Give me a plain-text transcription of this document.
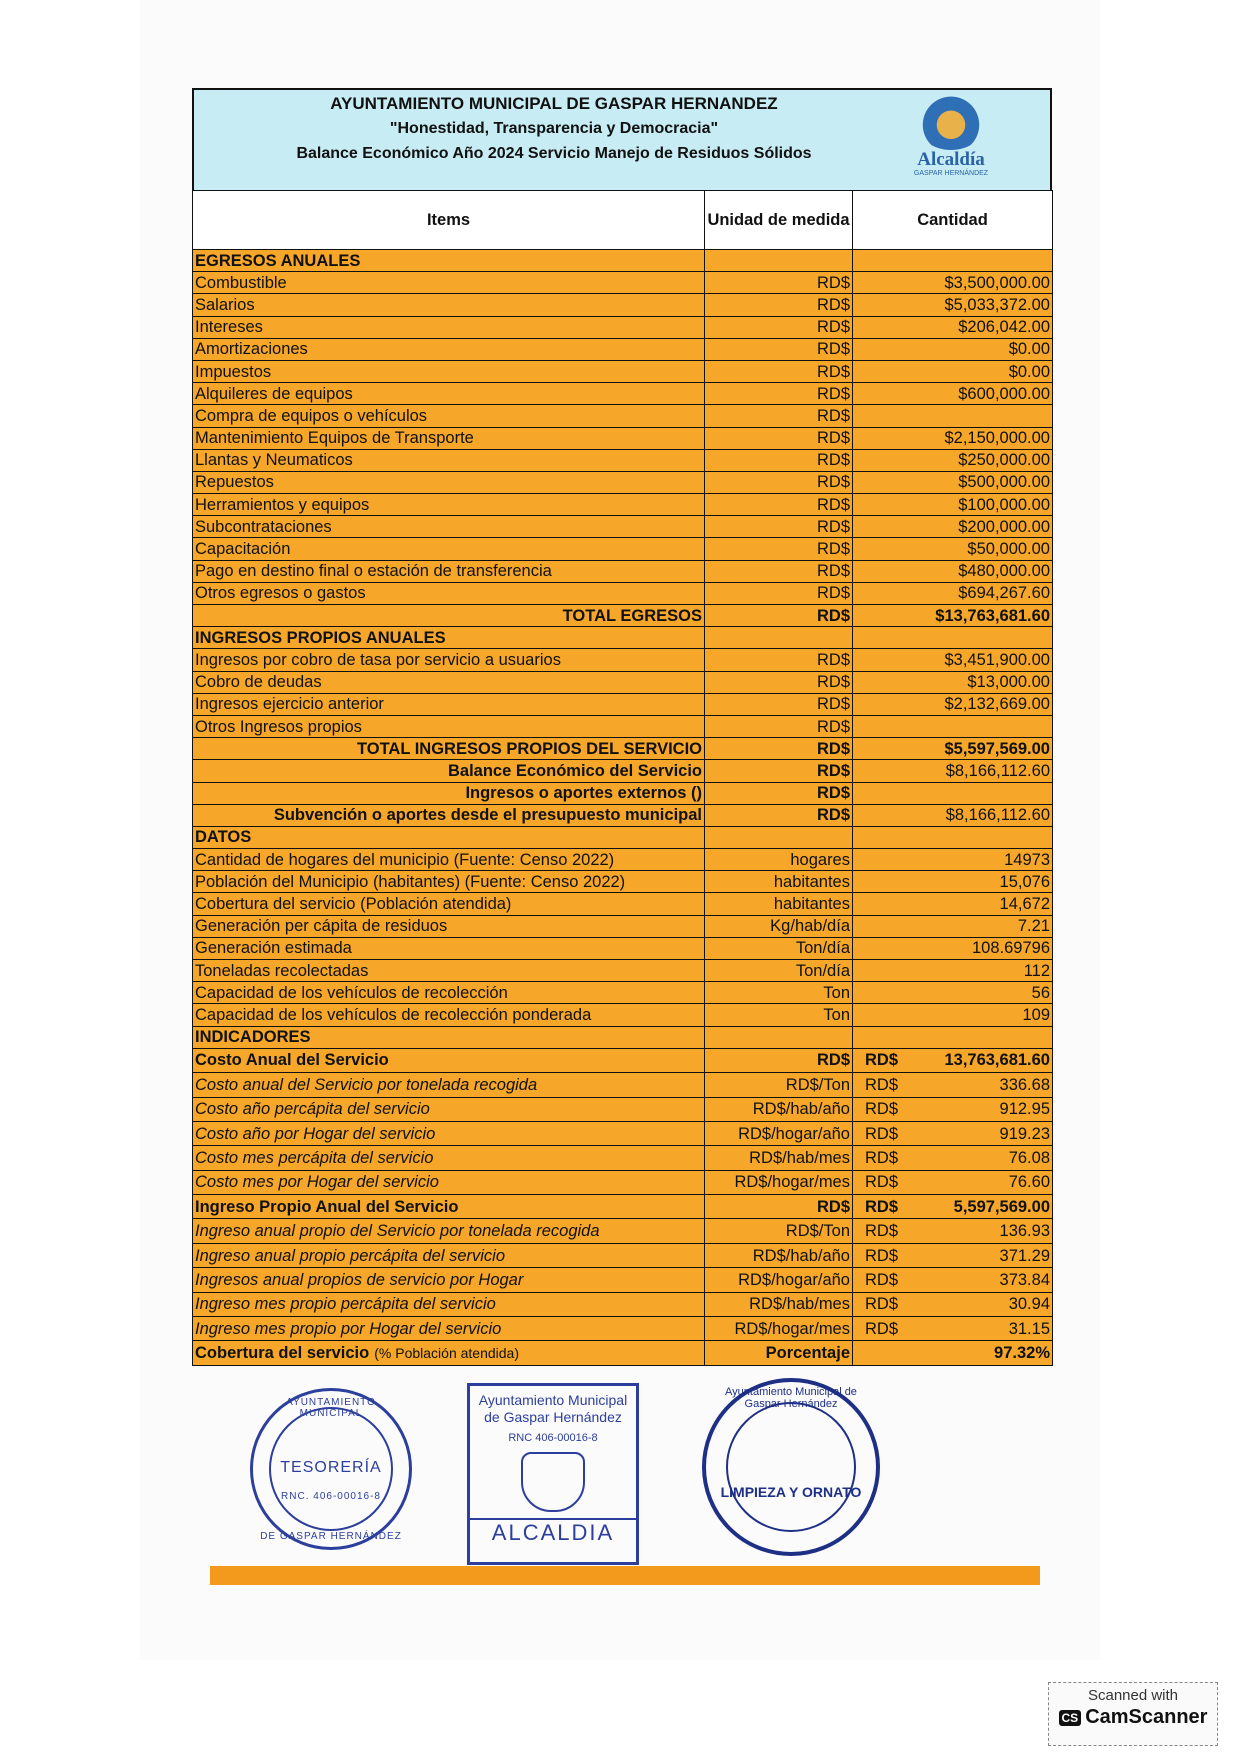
AYUNTAMIENTO MUNICIPAL DE GASPAR HERNANDEZ
"Honestidad, Transparencia y Democracia"
Balance Económico Año 2024 Servicio Manejo de Residuos Sólidos	Alcaldía
GASPAR HERNÁNDEZ
Items	Unidad de medida	Cantidad
EGRESOS ANUALES		
Combustible	RD$	$3,500,000.00
Salarios	RD$	$5,033,372.00
Intereses	RD$	$206,042.00
Amortizaciones	RD$	$0.00
Impuestos	RD$	$0.00
Alquileres de equipos	RD$	$600,000.00
Compra de equipos o vehículos	RD$	
Mantenimiento Equipos de Transporte	RD$	$2,150,000.00
Llantas y Neumaticos	RD$	$250,000.00
Repuestos	RD$	$500,000.00
Herramientos y equipos	RD$	$100,000.00
Subcontrataciones	RD$	$200,000.00
Capacitación	RD$	$50,000.00
Pago en destino final o estación de transferencia	RD$	$480,000.00
Otros egresos o gastos	RD$	$694,267.60
TOTAL EGRESOS	RD$	$13,763,681.60
INGRESOS PROPIOS ANUALES		
Ingresos por cobro de tasa por servicio a usuarios	RD$	$3,451,900.00
Cobro de deudas	RD$	$13,000.00
Ingresos ejercicio anterior	RD$	$2,132,669.00
Otros Ingresos propios	RD$	
TOTAL INGRESOS PROPIOS DEL SERVICIO	RD$	$5,597,569.00
Balance Económico del Servicio	RD$	$8,166,112.60
Ingresos o aportes externos ()	RD$	
Subvención o aportes desde el presupuesto municipal	RD$	$8,166,112.60
DATOS		
Cantidad de hogares del municipio (Fuente: Censo 2022)	hogares	14973
Población del Municipio (habitantes) (Fuente: Censo 2022)	habitantes	15,076
Cobertura del servicio (Población atendida)	habitantes	14,672
Generación per cápita de residuos	Kg/hab/día	7.21
Generación estimada	Ton/día	108.69796
Toneladas recolectadas	Ton/día	112
Capacidad de los vehículos de recolección	Ton	56
Capacidad de los vehículos de recolección ponderada	Ton	109
INDICADORES		
Costo Anual del Servicio	RD$	RD$ 13,763,681.60

Costo anual del Servicio por tonelada recogida	RD$/Ton	RD$ 336.68

Costo año percápita del servicio	RD$/hab/año	RD$ 912.95

Costo año por Hogar del servicio	RD$/hogar/año	RD$ 919.23

Costo mes percápita del servicio	RD$/hab/mes	RD$ 76.08

Costo mes por Hogar del servicio	RD$/hogar/mes	RD$ 76.60

Ingreso Propio Anual del Servicio	RD$	RD$ 5,597,569.00

Ingreso anual propio del Servicio por tonelada recogida	RD$/Ton	RD$ 136.93

Ingreso anual propio percápita del servicio	RD$/hab/año	RD$ 371.29

Ingresos anual propios de servicio por Hogar	RD$/hogar/año	RD$ 373.84

Ingreso mes propio percápita del servicio	RD$/hab/mes	RD$ 30.94

Ingreso mes propio por Hogar del servicio	RD$/hogar/mes	RD$ 31.15

Cobertura del servicio (% Población atendida)	Porcentaje	97.32%
AYUNTAMIENTO MUNICIPAL
TESORERÍA
RNC. 406-00016-8
DE GASPAR HERNÁNDEZ
Ayuntamiento Municipal
de Gaspar Hernández
RNC 406-00016-8
ALCALDIA
Ayuntamiento Municipal de Gaspar Hernández
LIMPIEZA Y ORNATO
Scanned with
CS CamScanner
